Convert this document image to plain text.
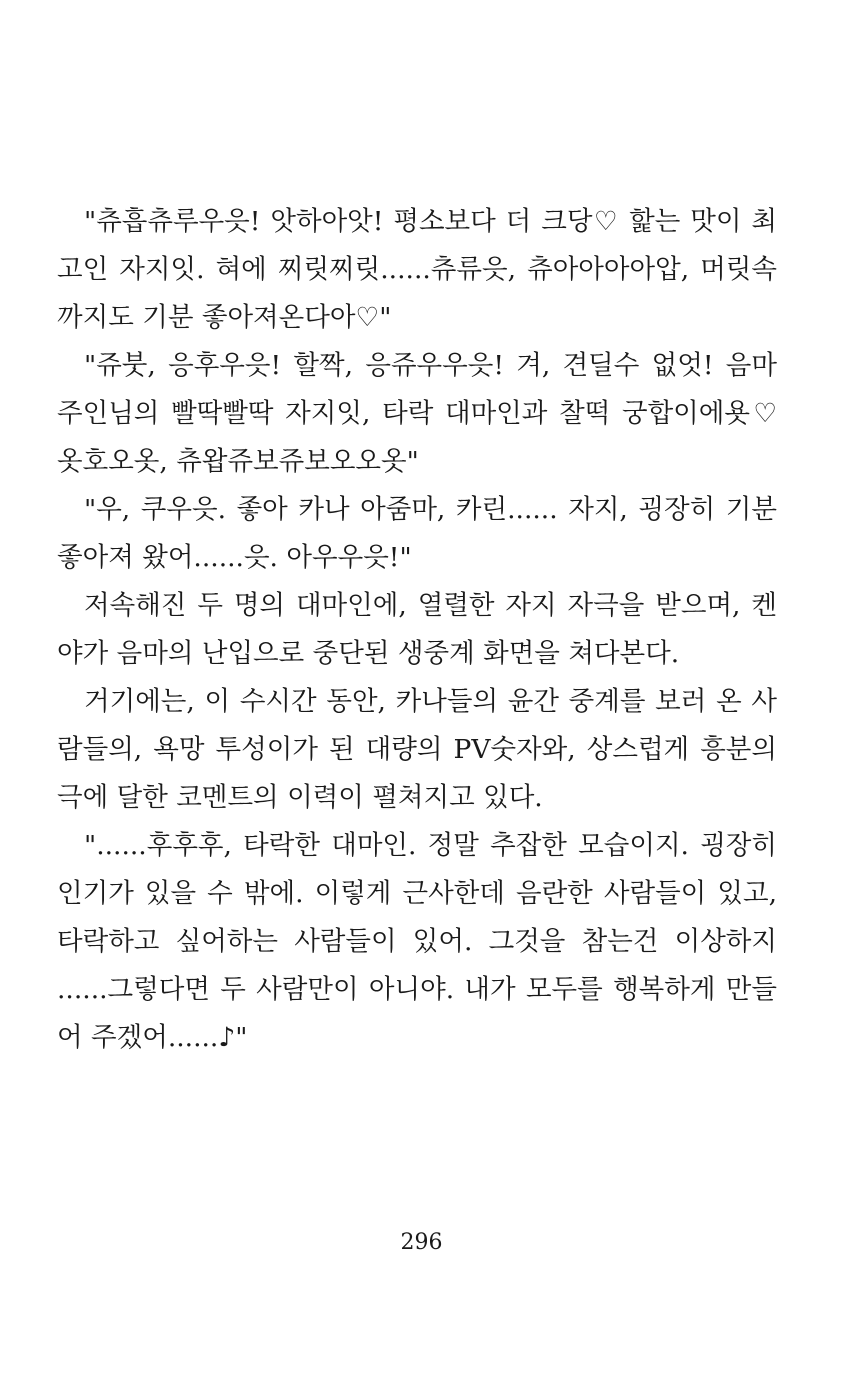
"츄흡츄루우읏! 앗하아앗! 평소보다 더 크당♡ 핥는 맛이 최고인 자지잇. 혀에 찌릿찌릿......츄류읏, 츄아아아아압, 머릿속까지도 기분 좋아져온다아♡"

"쥬붓, 응후우읏! 할짝, 응쥬우우읏! 겨, 견딜수 없엇! 음마 주인님의 빨딱빨딱 자지잇, 타락 대마인과 찰떡 궁합이에욧♡ 옷호오옷, 츄왑쥬보쥬보오오옷"

"우, 쿠우읏. 좋아 카나 아줌마, 카린...... 자지, 굉장히 기분 좋아져 왔어......읏. 아우우읏!"

저속해진 두 명의 대마인에, 열렬한 자지 자극을 받으며, 켄야가 음마의 난입으로 중단된 생중계 화면을 쳐다본다.

거기에는, 이 수시간 동안, 카나들의 윤간 중계를 보러 온 사람들의, 욕망 투성이가 된 대량의 PV숫자와, 상스럽게 흥분의 극에 달한 코멘트의 이력이 펼쳐지고 있다.

"......후후후, 타락한 대마인. 정말 추잡한 모습이지. 굉장히 인기가 있을 수 밖에. 이렇게 근사한데 음란한 사람들이 있고, 타락하고 싶어하는 사람들이 있어. 그것을 참는건 이상하지 ......그렇다면 두 사람만이 아니야. 내가 모두를 행복하게 만들어 주겠어......♪"

296
